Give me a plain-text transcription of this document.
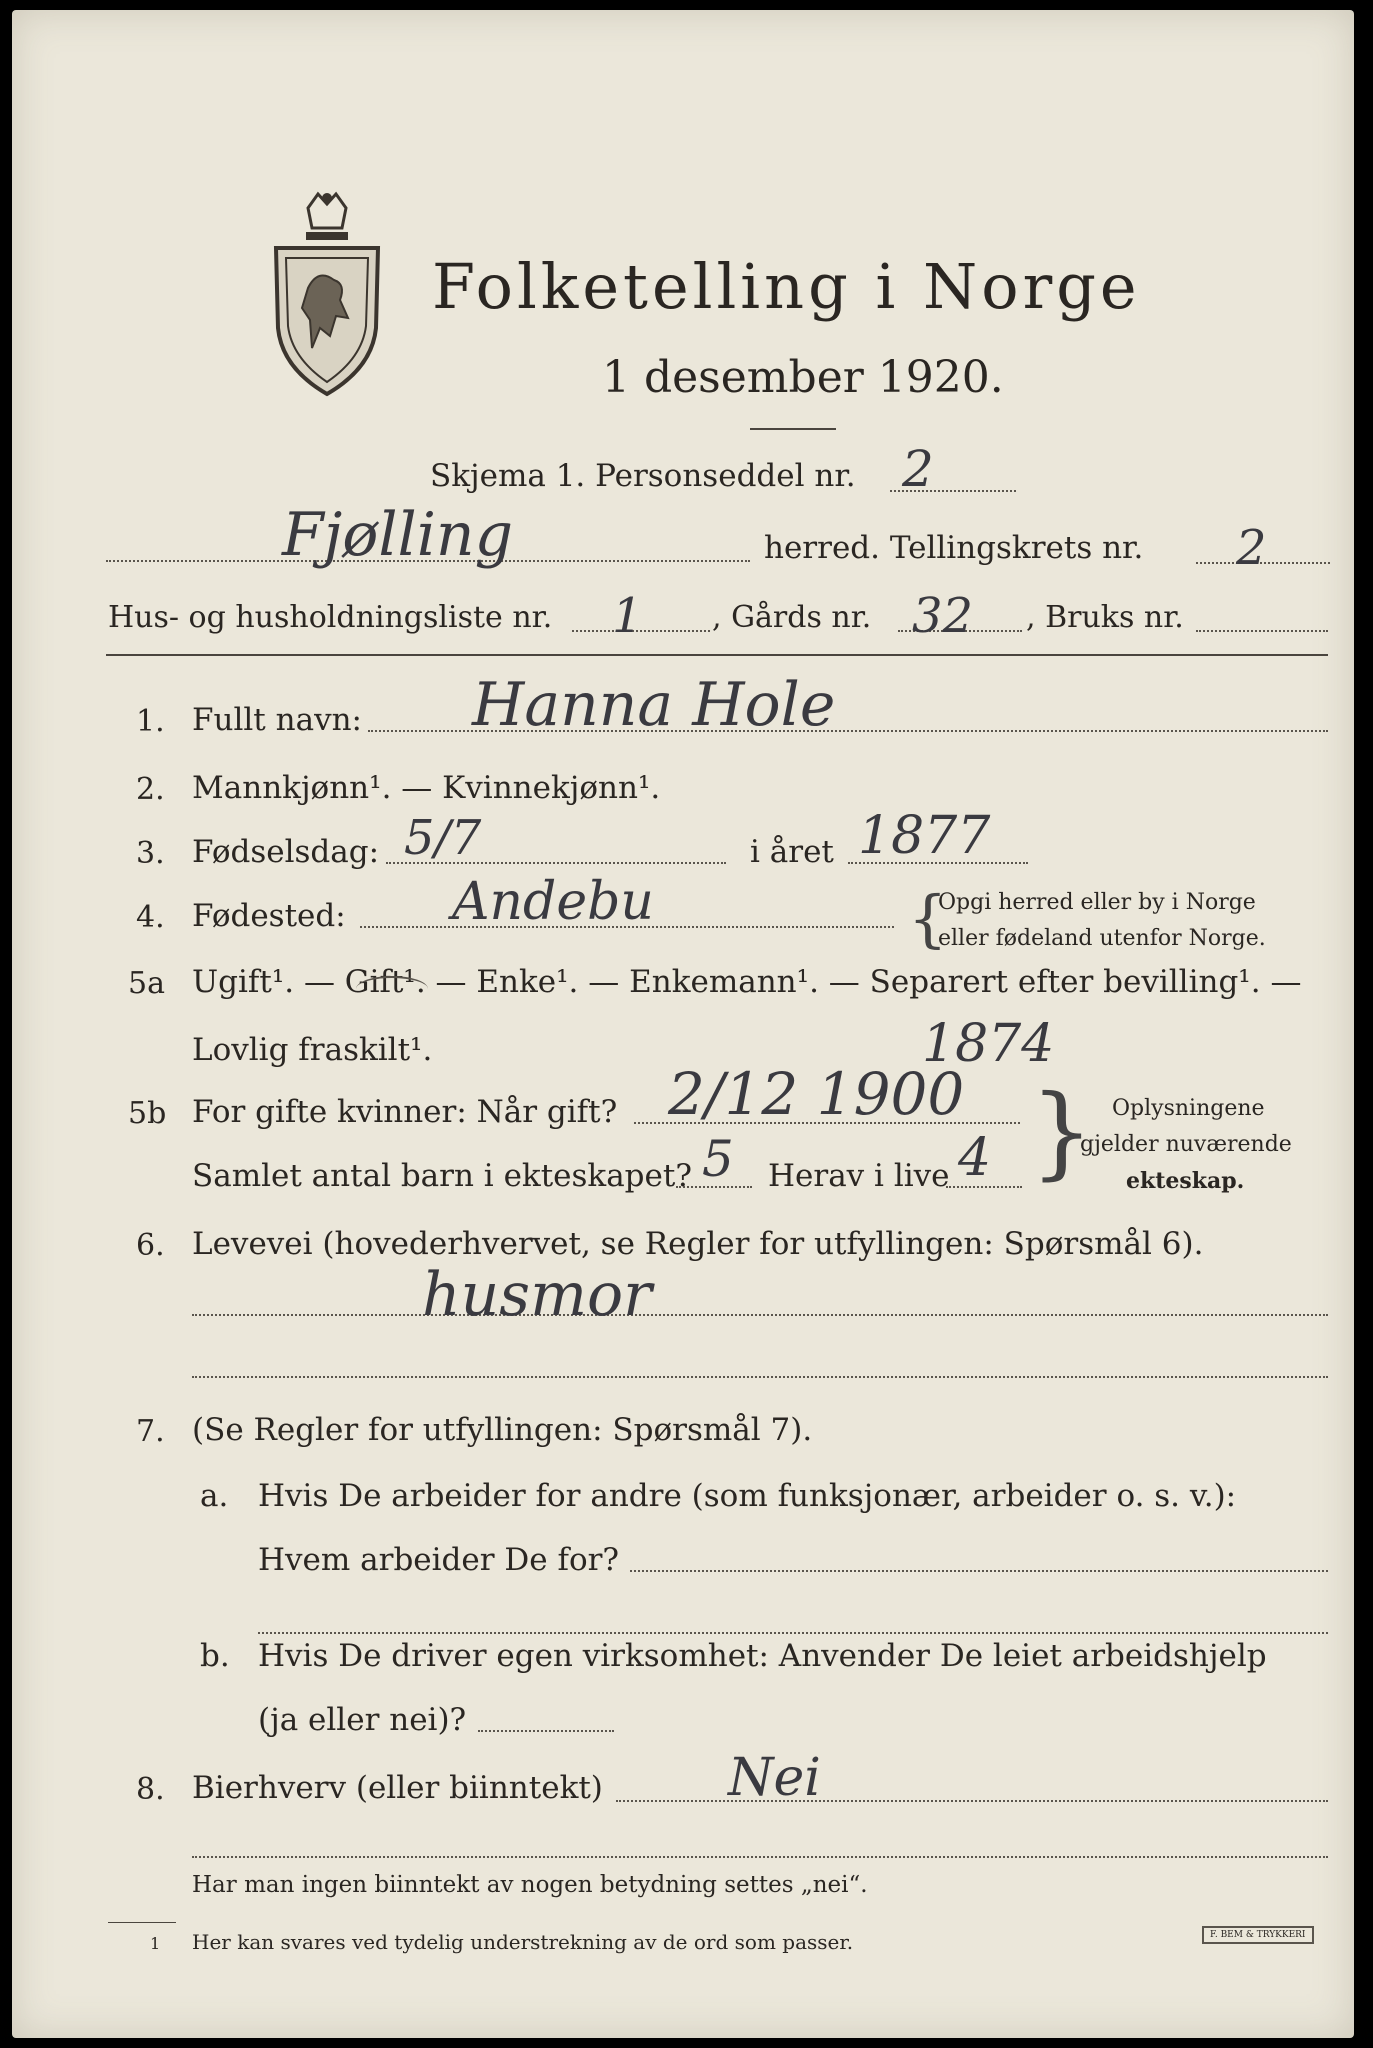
Folketelling i Norge
1 desember 1920.
Skjema 1. Personseddel nr. 2
Fjølling	herred. Tellingskrets nr. 2
Hus- og husholdningsliste nr. 1 , Gårds nr. 32 , Bruks nr.
1. Fullt navn: Hanna Hole
2. Mannkjønn¹. — Kvinnekjønn¹.
3. Fødselsdag: 5/7	i året 1877
4. Fødested: Andebu	{
Opgi herred eller by i Norge
eller fødeland utenfor Norge.
5a Ugift¹. — Gift¹. — Enke¹. — Enkemann¹. — Separert efter bevilling¹. —
Lovlig fraskilt¹.	1874
5b For gifte kvinner: Når gift? 2/12 1900
Samlet antal barn i ekteskapet? 5 Herav i live 4 } Oplysningene
gjelder nuværende
ekteskap.
6. Levevei (hovederhvervet, se Regler for utfyllingen: Spørsmål 6).
husmor
7. (Se Regler for utfyllingen: Spørsmål 7).
a. Hvis De arbeider for andre (som funksjonær, arbeider o. s. v.):
Hvem arbeider De for?
b. Hvis De driver egen virksomhet: Anvender De leiet arbeidshjelp
(ja eller nei)?
8. Bierhverv (eller biinntekt) Nei
Har man ingen biinntekt av nogen betydning settes „nei“.
1 Her kan svares ved tydelig understrekning av de ord som passer.	F. BEM & TRYKKERI
